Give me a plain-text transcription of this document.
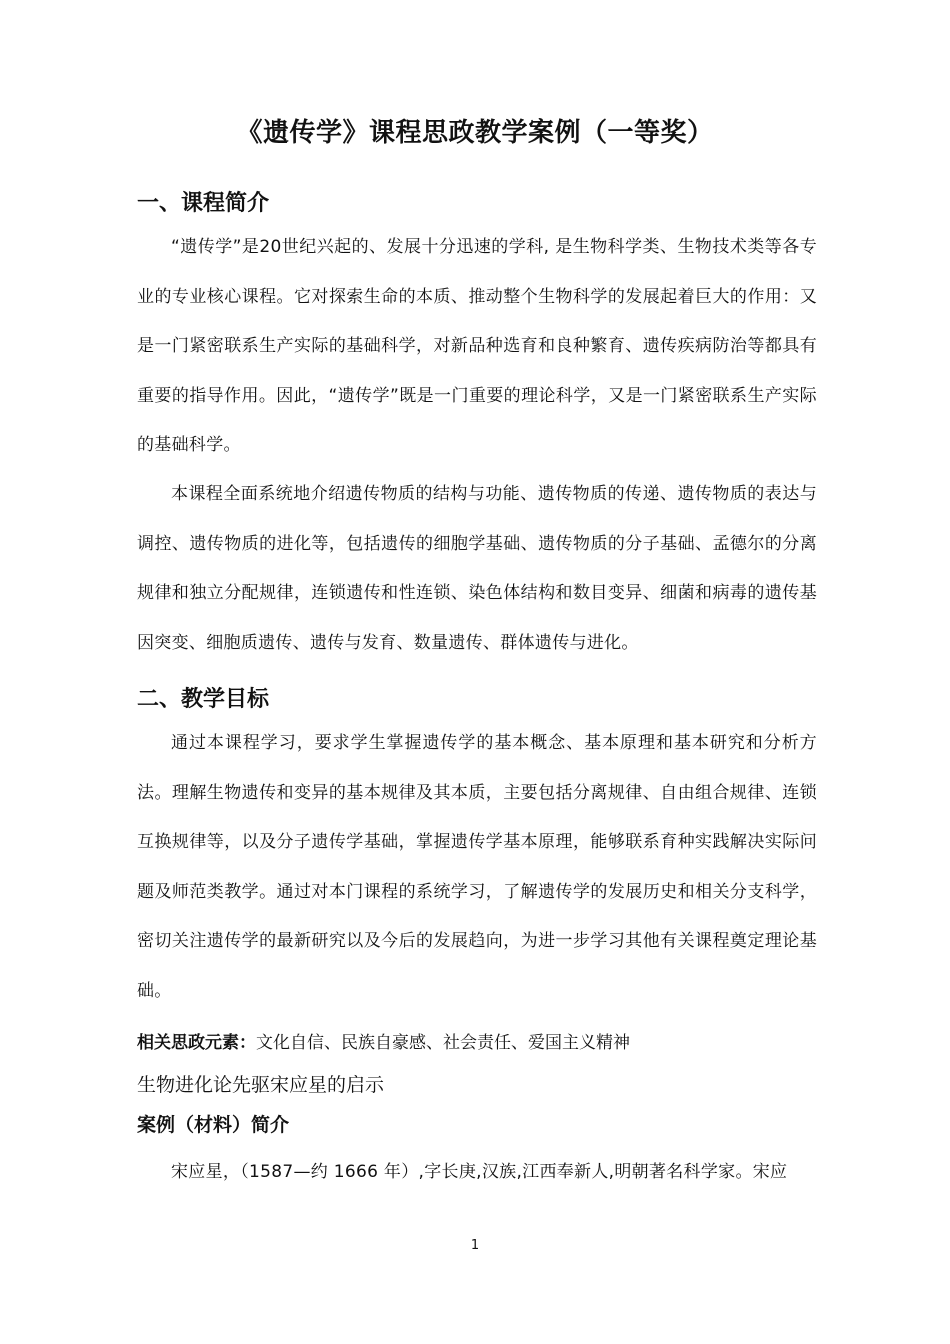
《遗传学》课程思政教学案例（一等奖）
一、课程简介
“遗传学”是20世纪兴起的、发展十分迅速的学科, 是生物科学类、生物技术类等各专业的专业核心课程。它对探索生命的本质、推动整个生物科学的发展起着巨大的作用：又是一门紧密联系生产实际的基础科学，对新品种选育和良种繁育、遗传疾病防治等都具有重要的指导作用。因此，“遗传学”既是一门重要的理论科学，又是一门紧密联系生产实际的基础科学。
本课程全面系统地介绍遗传物质的结构与功能、遗传物质的传递、遗传物质的表达与调控、遗传物质的进化等，包括遗传的细胞学基础、遗传物质的分子基础、孟德尔的分离规律和独立分配规律，连锁遗传和性连锁、染色体结构和数目变异、细菌和病毒的遗传基因突变、细胞质遗传、遗传与发育、数量遗传、群体遗传与进化。
二、教学目标
通过本课程学习，要求学生掌握遗传学的基本概念、基本原理和基本研究和分析方法。理解生物遗传和变异的基本规律及其本质，主要包括分离规律、自由组合规律、连锁互换规律等，以及分子遗传学基础，掌握遗传学基本原理，能够联系育种实践解决实际问题及师范类教学。通过对本门课程的系统学习，了解遗传学的发展历史和相关分支科学，密切关注遗传学的最新研究以及今后的发展趋向，为进一步学习其他有关课程奠定理论基础。
相关思政元素：文化自信、民族自豪感、社会责任、爱国主义精神
生物进化论先驱宋应星的启示
案例（材料）简介
宋应星，（1587—约 1666 年）,字长庚,汉族,江西奉新人,明朝著名科学家。宋应
1
